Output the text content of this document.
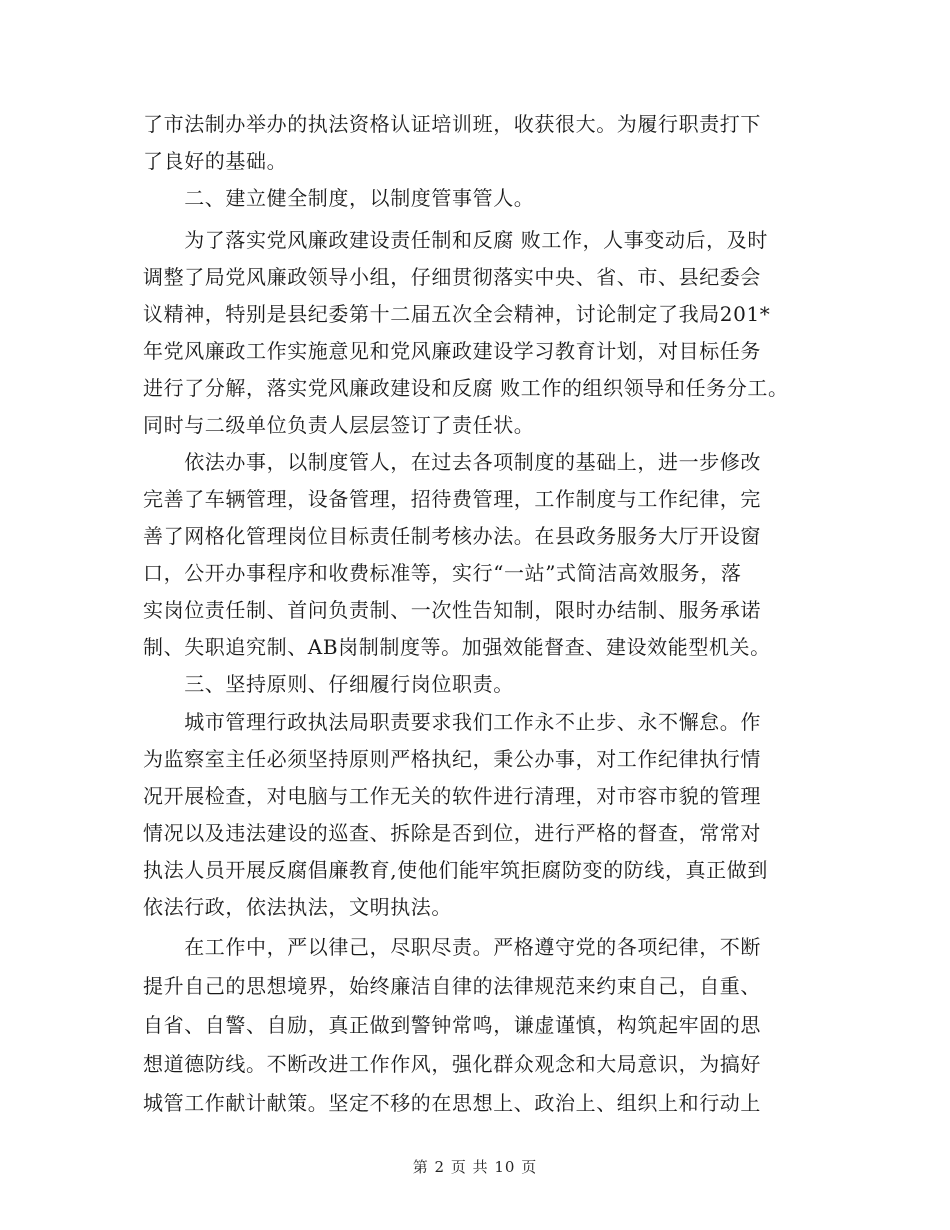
了市法制办举办的执法资格认证培训班，收获很大。为履行职责打下
了良好的基础。
　　二、建立健全制度，以制度管事管人。
　　为了落实党风廉政建设责任制和反腐 败工作，人事变动后，及时
调整了局党风廉政领导小组，仔细贯彻落实中央、省、市、县纪委会
议精神，特别是县纪委第十二届五次全会精神，讨论制定了我局201*
年党风廉政工作实施意见和党风廉政建设学习教育计划，对目标任务
进行了分解，落实党风廉政建设和反腐 败工作的组织领导和任务分工。
同时与二级单位负责人层层签订了责任状。
　　依法办事，以制度管人，在过去各项制度的基础上，进一步修改
完善了车辆管理，设备管理，招待费管理，工作制度与工作纪律，完
善了网格化管理岗位目标责任制考核办法。在县政务服务大厅开设窗
口，公开办事程序和收费标准等，实行“一站”式简洁高效服务，落
实岗位责任制、首问负责制、一次性告知制，限时办结制、服务承诺
制、失职追究制、AB岗制制度等。加强效能督查、建设效能型机关。
　　三、坚持原则、仔细履行岗位职责。
　　城市管理行政执法局职责要求我们工作永不止步、永不懈怠。作
为监察室主任必须坚持原则严格执纪，秉公办事，对工作纪律执行情
况开展检查，对电脑与工作无关的软件进行清理，对市容市貌的管理
情况以及违法建设的巡查、拆除是否到位，进行严格的督查，常常对
执法人员开展反腐倡廉教育,使他们能牢筑拒腐防变的防线，真正做到
依法行政，依法执法，文明执法。
　　在工作中，严以律己，尽职尽责。严格遵守党的各项纪律，不断
提升自己的思想境界，始终廉洁自律的法律规范来约束自己，自重、
自省、自警、自励，真正做到警钟常鸣，谦虚谨慎，构筑起牢固的思
想道德防线。不断改进工作作风，强化群众观念和大局意识，为搞好
城管工作献计献策。坚定不移的在思想上、政治上、组织上和行动上
第 2 页 共 10 页
